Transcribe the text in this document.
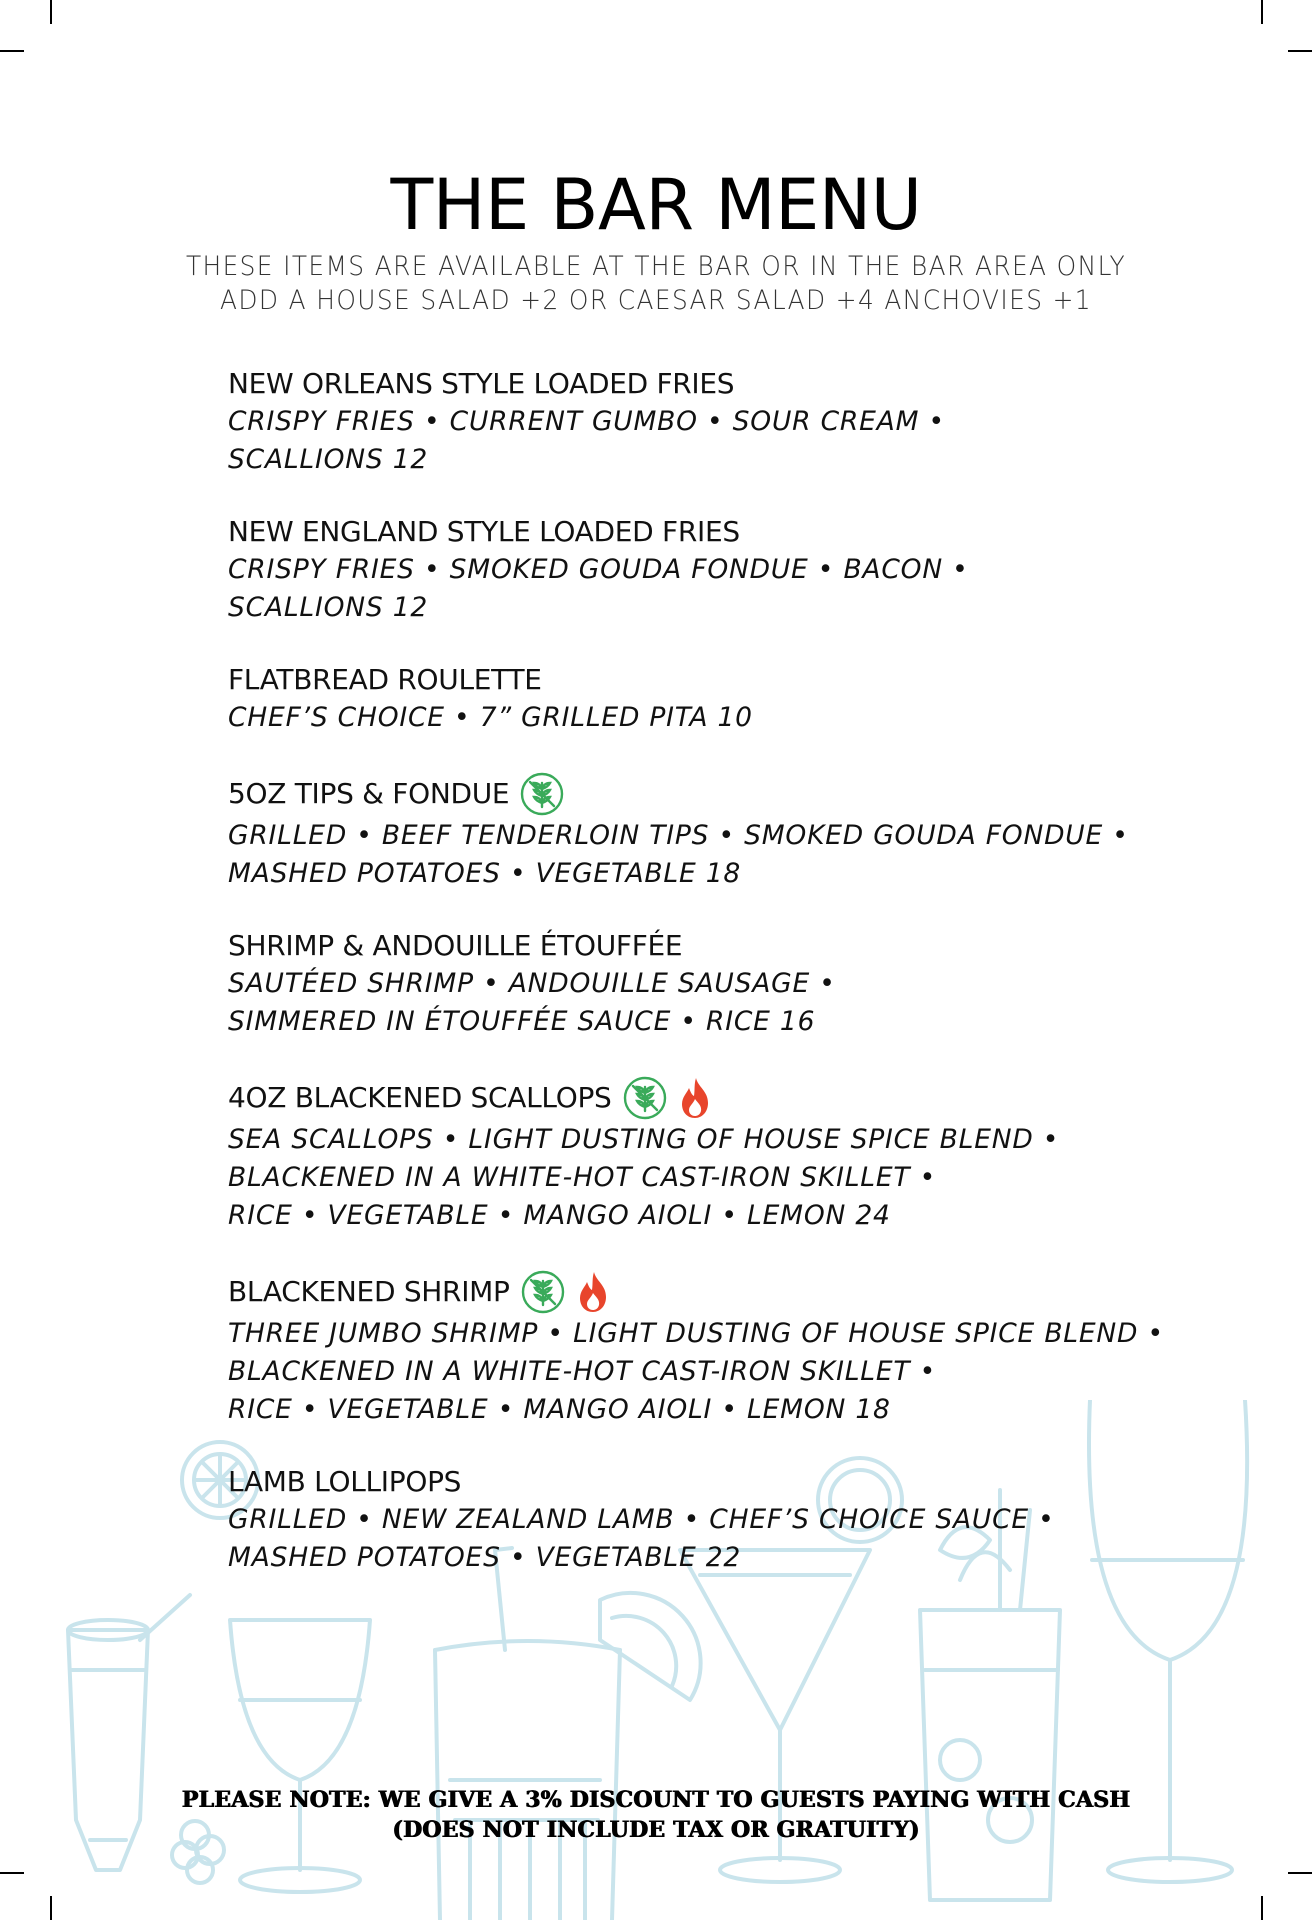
THE BAR MENU
THESE ITEMS ARE AVAILABLE AT THE BAR OR IN THE BAR AREA ONLY
ADD A HOUSE SALAD +2 OR CAESAR SALAD +4 ANCHOVIES +1
NEW ORLEANS STYLE LOADED FRIES
CRISPY FRIES • CURRENT GUMBO • SOUR CREAM •
SCALLIONS 12
NEW ENGLAND STYLE LOADED FRIES
CRISPY FRIES • SMOKED GOUDA FONDUE • BACON •
SCALLIONS 12
FLATBREAD ROULETTE
CHEF’S CHOICE • 7” GRILLED PITA 10
5OZ TIPS & FONDUE
GRILLED • BEEF TENDERLOIN TIPS • SMOKED GOUDA FONDUE •
MASHED POTATOES • VEGETABLE 18
SHRIMP & ANDOUILLE ÉTOUFFÉE
SAUTÉED SHRIMP • ANDOUILLE SAUSAGE •
SIMMERED IN ÉTOUFFÉE SAUCE • RICE 16
4OZ BLACKENED SCALLOPS
SEA SCALLOPS • LIGHT DUSTING OF HOUSE SPICE BLEND •
BLACKENED IN A WHITE-HOT CAST-IRON SKILLET •
RICE • VEGETABLE • MANGO AIOLI • LEMON 24
BLACKENED SHRIMP
THREE JUMBO SHRIMP • LIGHT DUSTING OF HOUSE SPICE BLEND •
BLACKENED IN A WHITE-HOT CAST-IRON SKILLET •
RICE • VEGETABLE • MANGO AIOLI • LEMON 18
LAMB LOLLIPOPS
GRILLED • NEW ZEALAND LAMB • CHEF’S CHOICE SAUCE •
MASHED POTATOES • VEGETABLE 22
PLEASE NOTE: WE GIVE A 3% DISCOUNT TO GUESTS PAYING WITH CASH
(DOES NOT INCLUDE TAX OR GRATUITY)
